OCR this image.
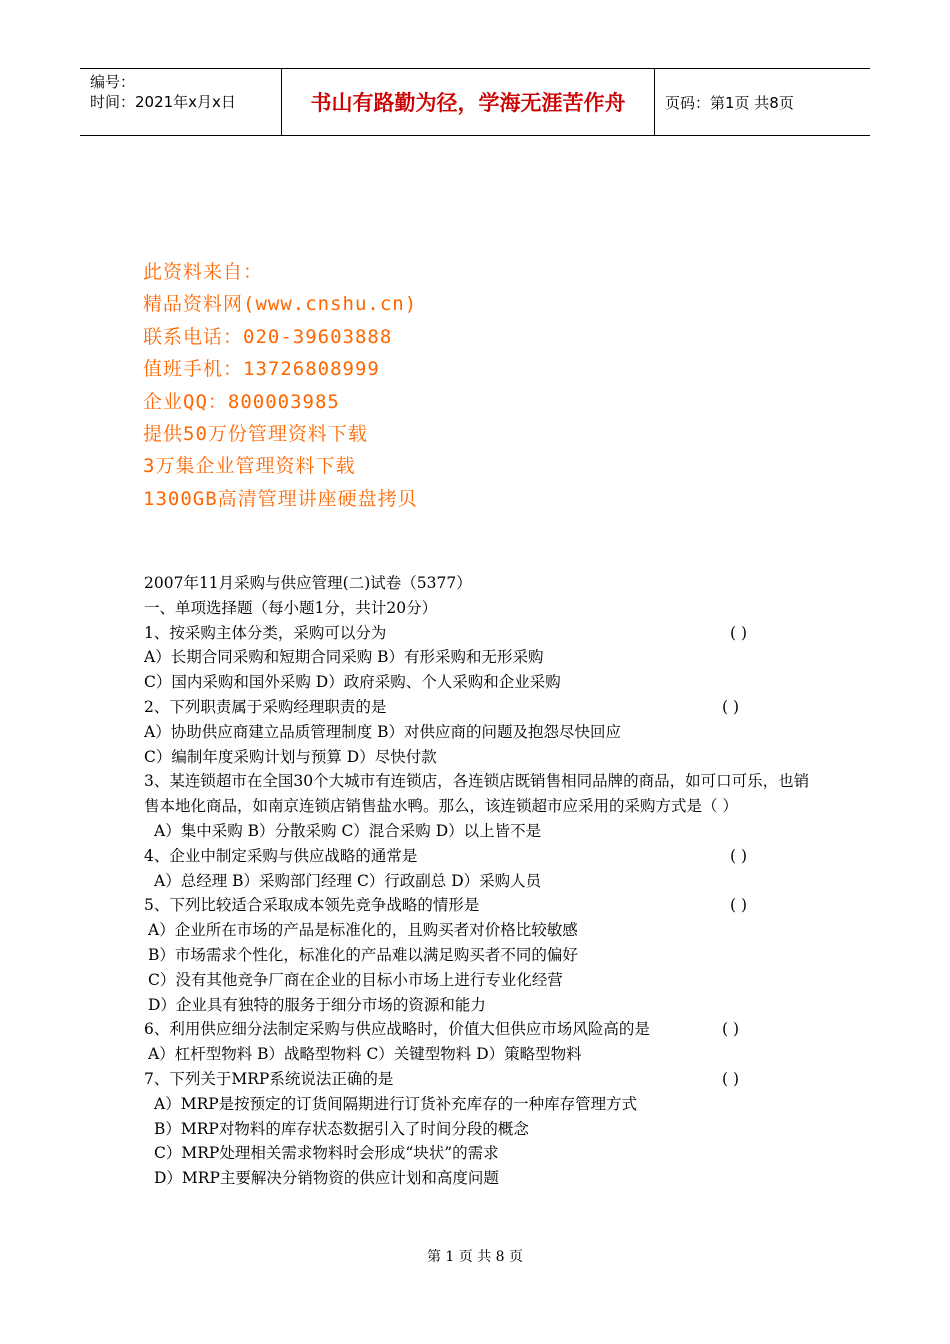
编号：
时间：2021年x月x日	书山有路勤为径，学海无涯苦作舟	页码：第1页 共8页
此资料来自：
精品资料网(www.cnshu.cn)
联系电话：020-39603888
值班手机：13726808999
企业QQ：800003985
提供50万份管理资料下载
3万集企业管理资料下载
1300GB高清管理讲座硬盘拷贝
2007年11月采购与供应管理(二)试卷（5377）
一、单项选择题（每小题1分，共计20分）
1、按采购主体分类，采购可以分为	( )
A）长期合同采购和短期合同采购 B）有形采购和无形采购
C）国内采购和国外采购 D）政府采购、个人采购和企业采购
2、下列职责属于采购经理职责的是	( )
A）协助供应商建立品质管理制度 B）对供应商的问题及抱怨尽快回应
C）编制年度采购计划与预算 D）尽快付款
3、某连锁超市在全国30个大城市有连锁店，各连锁店既销售相同品牌的商品，如可口可乐，也销售本地化商品，如南京连锁店销售盐水鸭。那么，该连锁超市应采用的采购方式是（ ）
A）集中采购 B）分散采购 C）混合采购 D）以上皆不是
4、企业中制定采购与供应战略的通常是	( )
A）总经理 B）采购部门经理 C）行政副总 D）采购人员
5、下列比较适合采取成本领先竞争战略的情形是	( )
A）企业所在市场的产品是标准化的，且购买者对价格比较敏感
B）市场需求个性化，标准化的产品难以满足购买者不同的偏好
C）没有其他竞争厂商在企业的目标小市场上进行专业化经营
D）企业具有独特的服务于细分市场的资源和能力
6、利用供应细分法制定采购与供应战略时，价值大但供应市场风险高的是	( )
A）杠杆型物料 B）战略型物料 C）关键型物料 D）策略型物料
7、下列关于MRP系统说法正确的是	( )
A）MRP是按预定的订货间隔期进行订货补充库存的一种库存管理方式
B）MRP对物料的库存状态数据引入了时间分段的概念
C）MRP处理相关需求物料时会形成“块状”的需求
D）MRP主要解决分销物资的供应计划和高度问题
第 1 页 共 8 页
